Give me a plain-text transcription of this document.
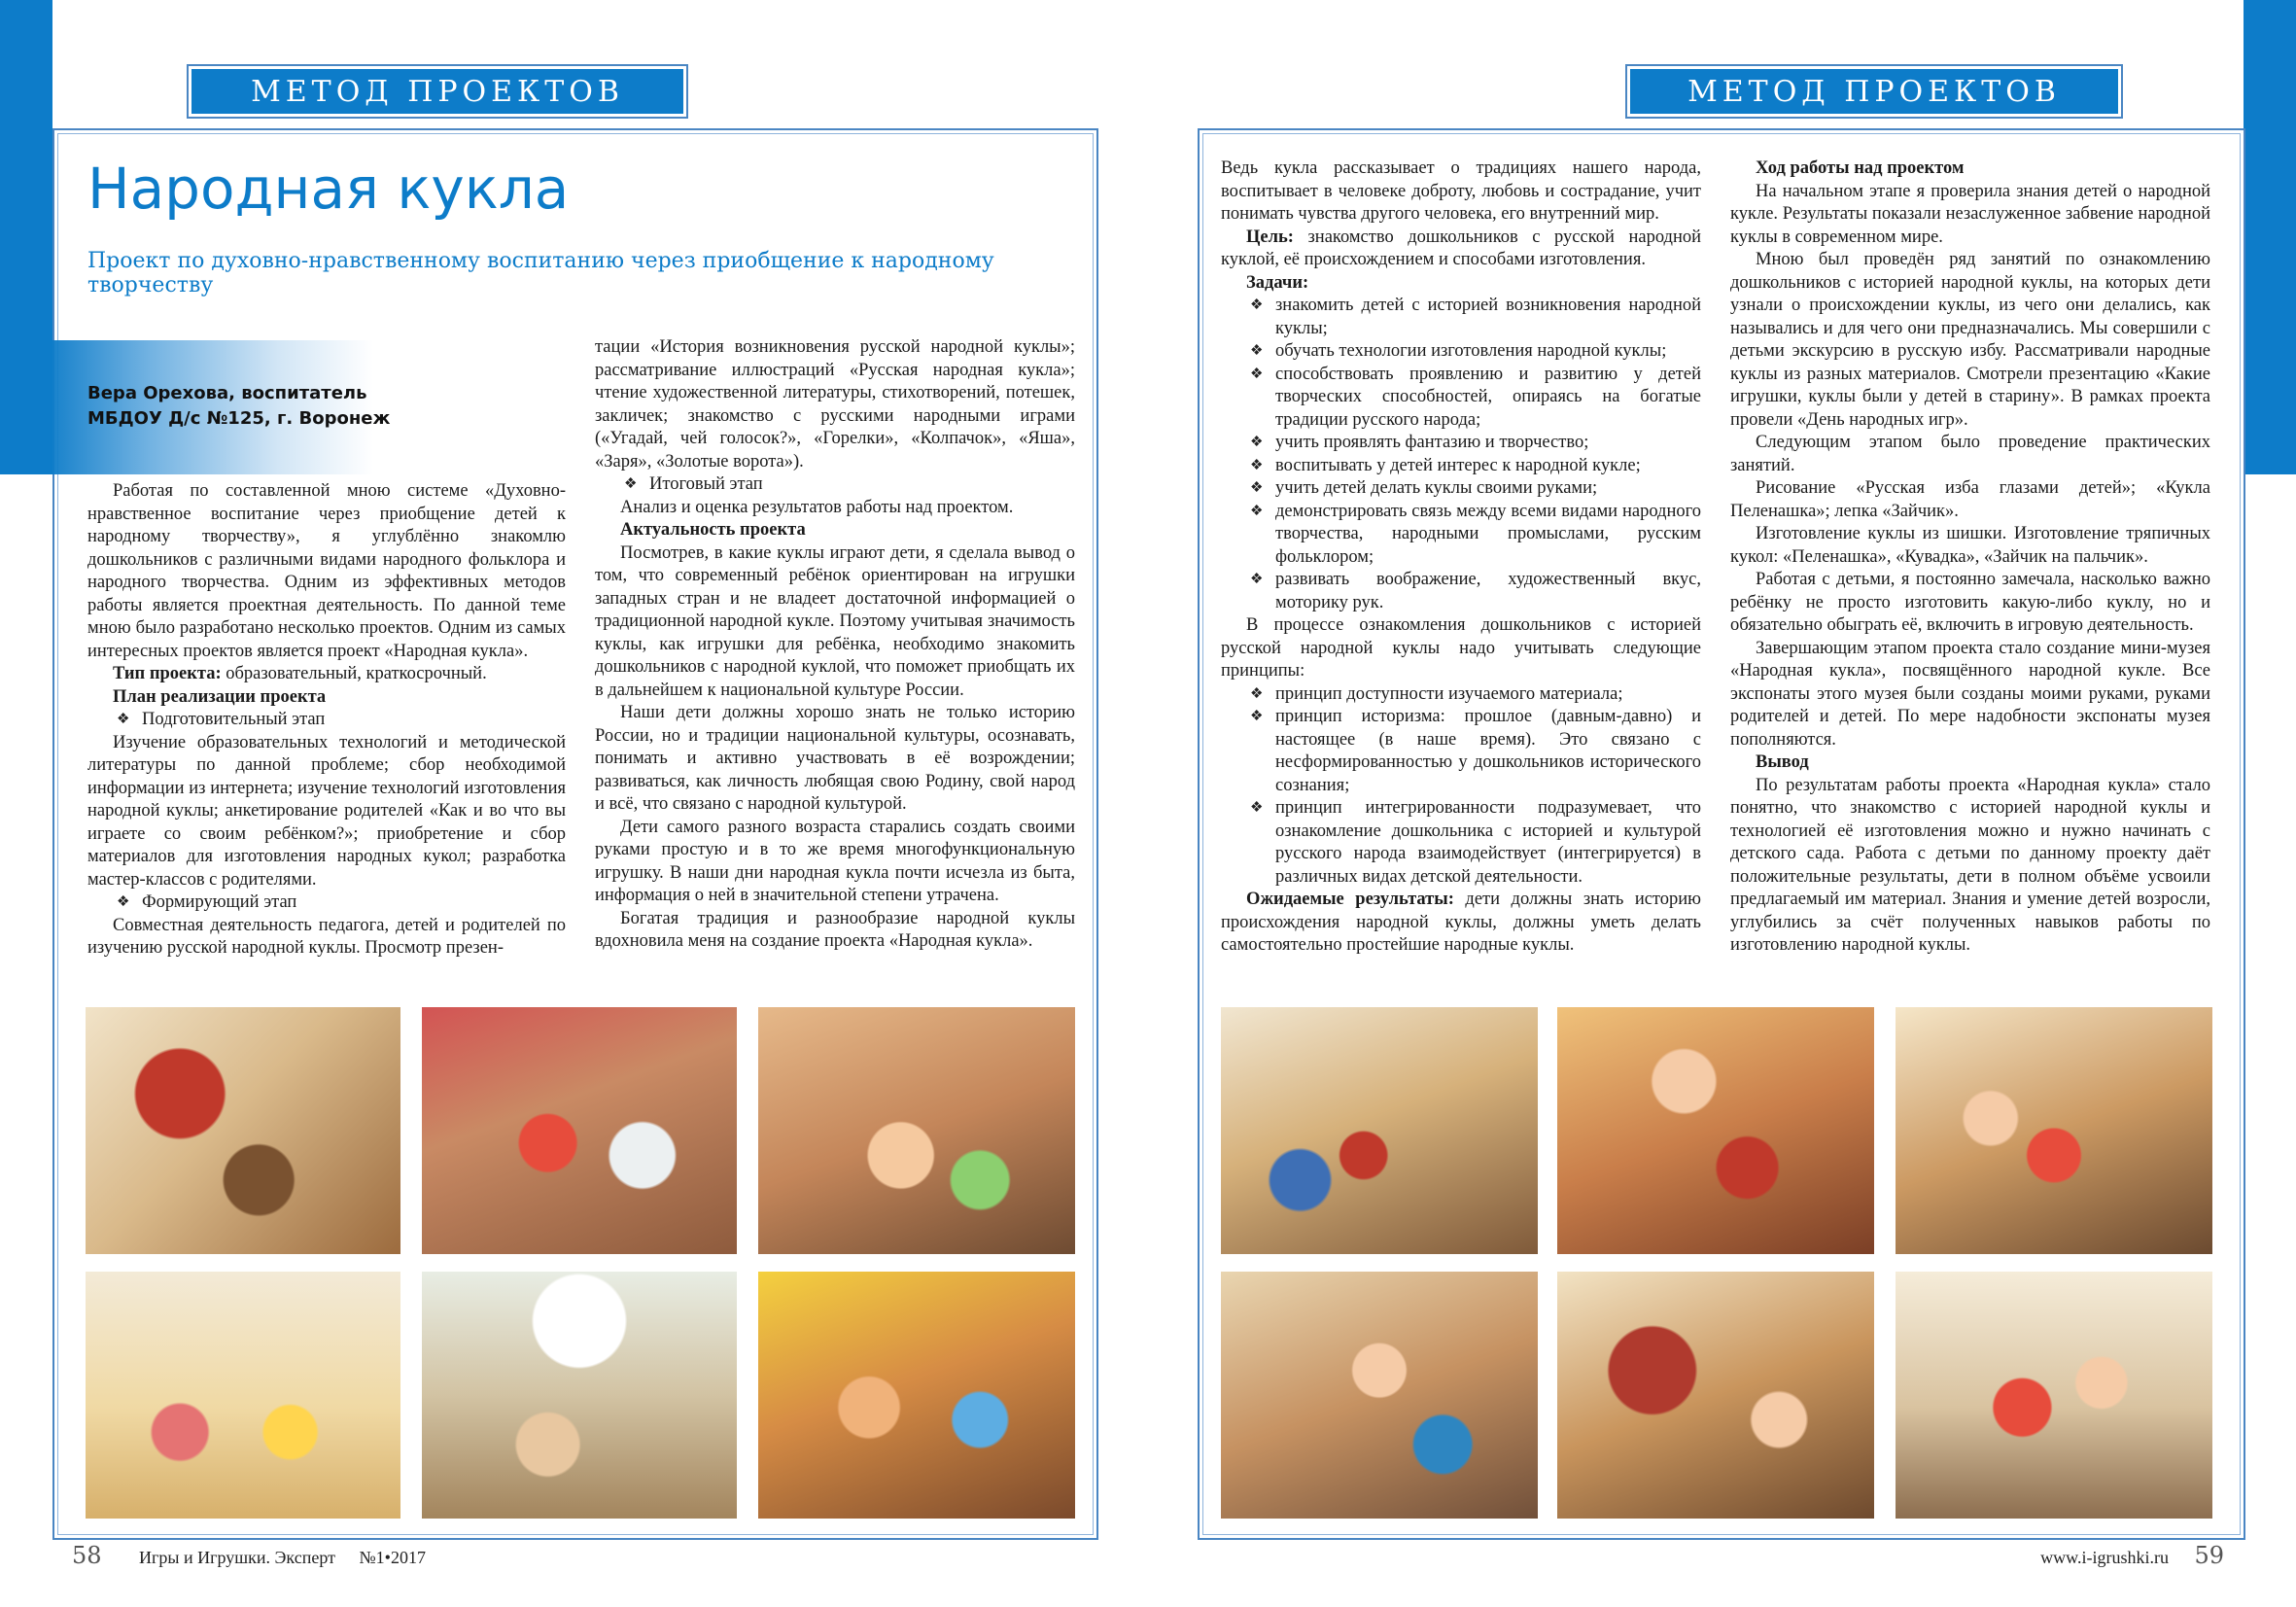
МЕТОД ПРОЕКТОВ	МЕТОД ПРОЕКТОВ
Народная кукла
Проект по духовно-нравственному воспитанию через приобщение к народному творчеству
Вера Орехова, воспитатель
МБДОУ Д/с №125, г. Воронеж

Работая по составленной мною системе «Духовно-нравственное воспитание через приобщение детей к народному творчеству», я углублённо знакомлю дошкольников с различными видами народного фольклора и народного творчества. Одним из эффективных методов работы является проектная деятельность. По данной теме мною было разработано несколько проектов. Одним из самых интересных проектов является проект «Народная кукла».

Тип проекта: образовательный, краткосрочный.

План реализации проекта
❖ Подготовительный этап

Изучение образовательных технологий и методической литературы по данной проблеме; сбор необходимой информации из интернета; изучение технологий изготовления народной куклы; анкетирование родителей «Как и во что вы играете со своим ребёнком?»; приобретение и сбор материалов для изготовления народных кукол; разработка мастер-классов с родителями.

❖ Формирующий этап

Совместная деятельность педагога, детей и родителей по изучению русской народной куклы. Просмотр презен-

тации «История возникновения русской народной куклы»; рассматривание иллюстраций «Русская народная кукла»; чтение художественной литературы, стихотворений, потешек, закличек; знакомство с русскими народными играми («Угадай, чей голосок?», «Горелки», «Колпачок», «Яша», «Заря», «Золотые ворота»).

❖ Итоговый этап

Анализ и оценка результатов работы над проектом.

Актуальность проекта

Посмотрев, в какие куклы играют дети, я сделала вывод о том, что современный ребёнок ориентирован на игрушки западных стран и не владеет достаточной информацией о традиционной народной кукле. Поэтому учитывая значимость куклы, как игрушки для ребёнка, необходимо знакомить дошкольников с народной куклой, что поможет приобщать их в дальнейшем к национальной культуре России.

Наши дети должны хорошо знать не только историю России, но и традиции национальной культуры, осознавать, понимать и активно участвовать в её возрождении; развиваться, как личность любящая свою Родину, свой народ и всё, что связано с народной культурой.

Дети самого разного возраста старались создать своими руками простую и в то же время многофункциональную игрушку. В наши дни народная кукла почти исчезла из быта, информация о ней в значительной степени утрачена.

Богатая традиция и разнообразие народной куклы вдохновила меня на создание проекта «Народная кукла».

Ведь кукла рассказывает о традициях нашего народа, воспитывает в человеке доброту, любовь и сострадание, учит понимать чувства другого человека, его внутренний мир.

Цель: знакомство дошкольников с русской народной куклой, её происхождением и способами изготовления.

Задачи:
❖ знакомить детей с историей возникновения народной куклы;
❖ обучать технологии изготовления народной куклы;
❖ способствовать проявлению и развитию у детей творческих способностей, опираясь на богатые традиции русского народа;
❖ учить проявлять фантазию и творчество;
❖ воспитывать у детей интерес к народной кукле;
❖ учить детей делать куклы своими руками;
❖ демонстрировать связь между всеми видами народного творчества, народными промыслами, русским фольклором;
❖ развивать воображение, художественный вкус, моторику рук.

В процессе ознакомления дошкольников с историей русской народной куклы надо учитывать следующие принципы:

❖ принцип доступности изучаемого материала;
❖ принцип историзма: прошлое (давным-давно) и настоящее (в наше время). Это связано с несформированностью у дошкольников исторического сознания;
❖ принцип интегрированности подразумевает, что ознакомление дошкольника с историей и культурой русского народа взаимодействует (интегрируется) в различных видах детской деятельности.

Ожидаемые результаты: дети должны знать историю происхождения народной куклы, должны уметь делать самостоятельно простейшие народные куклы.

Ход работы над проектом

На начальном этапе я проверила знания детей о народной кукле. Результаты показали незаслуженное забвение народной куклы в современном мире.

Мною был проведён ряд занятий по ознакомлению дошкольников с историей народной куклы, на которых дети узнали о происхождении куклы, из чего они делались, как назывались и для чего они предназначались. Мы совершили с детьми экскурсию в русскую избу. Рассматривали народные куклы из разных материалов. Смотрели презентацию «Какие игрушки, куклы были у детей в старину». В рамках проекта провели «День народных игр».

Следующим этапом было проведение практических занятий.

Рисование «Русская изба глазами детей»; «Кукла Пеленашка»; лепка «Зайчик».

Изготовление куклы из шишки. Изготовление тряпичных кукол: «Пеленашка», «Кувадка», «Зайчик на пальчик».

Работая с детьми, я постоянно замечала, насколько важно ребёнку не просто изготовить какую-либо куклу, но и обязательно обыграть её, включить в игровую деятельность.

Завершающим этапом проекта стало создание мини-музея «Народная кукла», посвящённого народной кукле. Все экспонаты этого музея были созданы моими руками, руками родителей и детей. По мере надобности экспонаты музея пополняются.

Вывод

По результатам работы проекта «Народная кукла» стало понятно, что знакомство с историей народной куклы и технологией её изготовления можно и нужно начинать с детского сада. Работа с детьми по данному проекту даёт положительные результаты, дети в полном объёме усвоили предлагаемый им материал. Знания и умение детей возросли, углубились за счёт полученных навыков работы по изготовлению народной куклы.

58 Игры и Игрушки. Эксперт №1•2017	www.i-igrushki.ru 59
